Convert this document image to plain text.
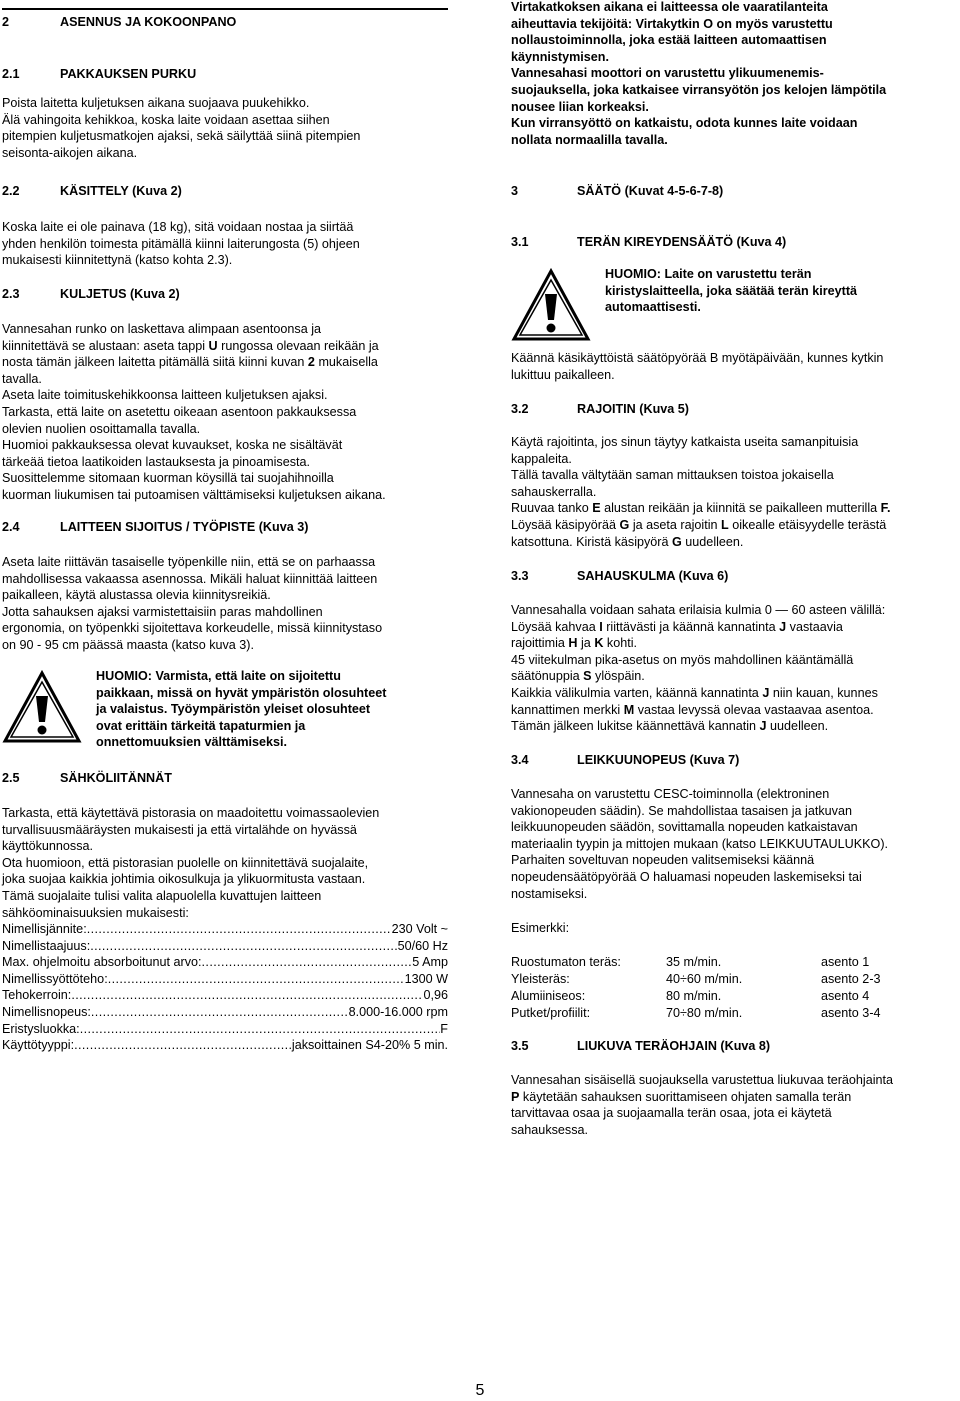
2	ASENNUS JA KOKOONPANO
2.1	PAKKAUKSEN PURKU

Poista laitetta kuljetuksen aikana suojaava puukehikko.

Älä vahingoita kehikkoa, koska laite voidaan asettaa siihen

pitempien kuljetusmatkojen ajaksi, sekä säilyttää siinä pitempien

seisonta-aikojen aikana.

2.2	KÄSITTELY (Kuva 2)

Koska laite ei ole painava (18 kg), sitä voidaan nostaa ja siirtää

yhden henkilön toimesta pitämällä kiinni laiterungosta (5) ohjeen

mukaisesti kiinnitettynä (katso kohta 2.3).

2.3	KULJETUS (Kuva 2)

Vannesahan runko on laskettava alimpaan asentoonsa ja

kiinnitettävä se alustaan: aseta tappi U rungossa olevaan reikään ja

nosta tämän jälkeen laitetta pitämällä siitä kiinni kuvan 2 mukaisella

tavalla.

Aseta laite toimituskehikkoonsa laitteen kuljetuksen ajaksi.

Tarkasta, että laite on asetettu oikeaan asentoon pakkauksessa

olevien nuolien osoittamalla tavalla.

Huomioi pakkauksessa olevat kuvaukset, koska ne sisältävät

tärkeää tietoa laatikoiden lastauksesta ja pinoamisesta.

Suosittelemme sitomaan kuorman köysillä tai suojahihnoilla

kuorman liukumisen tai putoamisen välttämiseksi kuljetuksen aikana.

2.4	LAITTEEN SIJOITUS / TYÖPISTE (Kuva 3)

Aseta laite riittävän tasaiselle työpenkille niin, että se on parhaassa

mahdollisessa vakaassa asennossa. Mikäli haluat kiinnittää laitteen

paikalleen, käytä alustassa olevia kiinnitysreikiä.

Jotta sahauksen ajaksi varmistettaisiin paras mahdollinen

ergonomia, on työpenkki sijoitettava korkeudelle, missä kiinnitystaso

on 90 - 95 cm päässä maasta (katso kuva 3).

HUOMIO: Varmista, että laite on sijoitettu

paikkaan, missä on hyvät ympäristön olosuhteet

ja valaistus. Työympäristön yleiset olosuhteet

ovat erittäin tärkeitä tapaturmien ja

onnettomuuksien välttämiseksi.

2.5	SÄHKÖLIITÄNNÄT

Tarkasta, että käytettävä pistorasia on maadoitettu voimassaolevien

turvallisuusmääräysten mukaisesti ja että virtalähde on hyvässä

käyttökunnossa.

Ota huomioon, että pistorasian puolelle on kiinnitettävä suojalaite,

joka suojaa kaikkia johtimia oikosulkuja ja ylikuormitusta vastaan.

Tämä suojalaite tulisi valita alapuolella kuvattujen laitteen

sähköominaisuuksien mukaisesti:

Nimellisjännite: .....	230 Volt ~
Nimellistaajuus: .....	50/60 Hz
Max. ohjelmoitu absorboitunut arvo: .....	5 Amp
Nimellissyöttöteho: .....	1300 W
Tehokerroin: .....	0,96
Nimellisnopeus: .....	8.000-16.000 rpm
Eristysluokka: .....	F
Käyttötyyppi: .....	jaksoittainen S4-20% 5 min.

Virtakatkoksen aikana ei laitteessa ole vaaratilanteita

aiheuttavia tekijöitä: Virtakytkin O on myös varustettu

nollaustoiminnolla, joka estää laitteen automaattisen

käynnistymisen.

Vannesahasi moottori on varustettu ylikuumenemis-

suojauksella, joka katkaisee virransyötön jos kelojen lämpötila

nousee liian korkeaksi.

Kun virransyöttö on katkaistu, odota kunnes laite voidaan

nollata normaalilla tavalla.

3	SÄÄTÖ (Kuvat 4-5-6-7-8)
3.1	TERÄN KIREYDENSÄÄTÖ (Kuva 4)

HUOMIO: Laite on varustettu terän

kiristyslaitteella, joka säätää terän kireyttä

automaattisesti.

Käännä käsikäyttöistä säätöpyörää B myötäpäivään, kunnes kytkin

lukittuu paikalleen.

3.2	RAJOITIN (Kuva 5)

Käytä rajoitinta, jos sinun täytyy katkaista useita samanpituisia

kappaleita.

Tällä tavalla vältytään saman mittauksen toistoa jokaisella

sahauskerralla.

Ruuvaa tanko E alustan reikään ja kiinnitä se paikalleen mutterilla F.

Löysää käsipyörää G ja aseta rajoitin L oikealle etäisyydelle terästä

katsottuna. Kiristä käsipyörä G uudelleen.

3.3	SAHAUSKULMA (Kuva 6)

Vannesahalla voidaan sahata erilaisia kulmia 0 — 60 asteen välillä:

Löysää kahvaa I riittävästi ja käännä kannatinta J vastaavia

rajoittimia H ja K kohti.

45 viitekulman pika-asetus on myös mahdollinen kääntämällä

säätönuppia S ylöspäin.

Kaikkia välikulmia varten, käännä kannatinta J niin kauan, kunnes

kannattimen merkki M vastaa levyssä olevaa vastaavaa asentoa.

Tämän jälkeen lukitse käännettävä kannatin J uudelleen.

3.4	LEIKKUUNOPEUS (Kuva 7)

Vannesaha on varustettu CESC-toiminnolla (elektroninen

vakionopeuden säädin). Se mahdollistaa tasaisen ja jatkuvan

leikkuunopeuden säädön, sovittamalla nopeuden katkaistavan

materiaalin tyypin ja mittojen mukaan (katso LEIKKUUTAULUKKO).

Parhaiten soveltuvan nopeuden valitsemiseksi käännä

nopeudensäätöpyörää O haluamasi nopeuden laskemiseksi tai

nostamiseksi.

Esimerkki:
Ruostumaton teräs:	35 m/min.	asento 1
Yleisteräs:	40÷60 m/min.	asento 2-3
Alumiiniseos:	80 m/min.	asento 4
Putket/profiilit:	70÷80 m/min.	asento 3-4
3.5	LIUKUVA TERÄOHJAIN (Kuva 8)

Vannesahan sisäisellä suojauksella varustettua liukuvaa teräohjainta

P käytetään sahauksen suorittamiseen ohjaten samalla terän

tarvittavaa osaa ja suojaamalla terän osaa, jota ei käytetä

sahauksessa.

5
